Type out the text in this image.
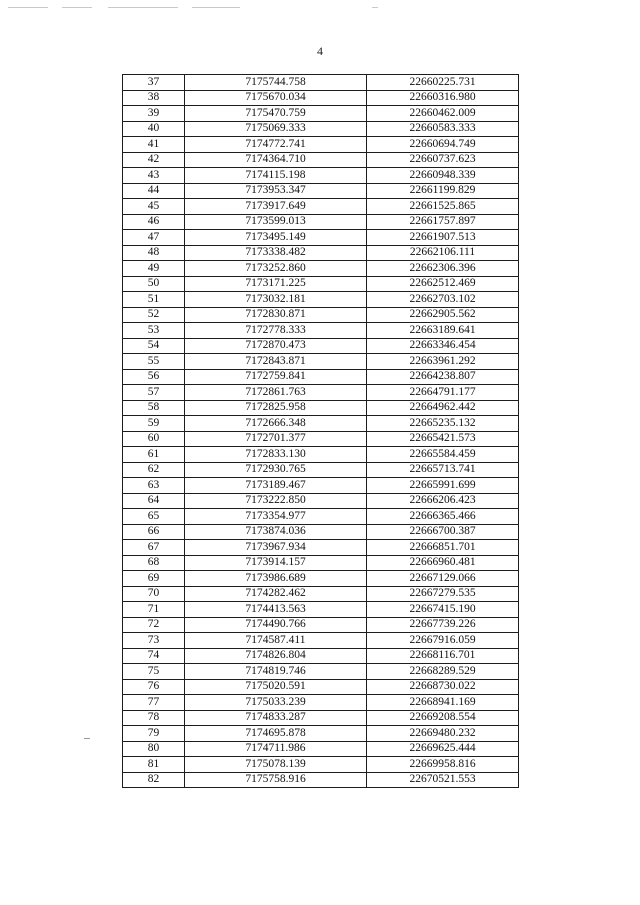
4
37	7175744.758	22660225.731
38	7175670.034	22660316.980
39	7175470.759	22660462.009
40	7175069.333	22660583.333
41	7174772.741	22660694.749
42	7174364.710	22660737.623
43	7174115.198	22660948.339
44	7173953.347	22661199.829
45	7173917.649	22661525.865
46	7173599.013	22661757.897
47	7173495.149	22661907.513
48	7173338.482	22662106.111
49	7173252.860	22662306.396
50	7173171.225	22662512.469
51	7173032.181	22662703.102
52	7172830.871	22662905.562
53	7172778.333	22663189.641
54	7172870.473	22663346.454
55	7172843.871	22663961.292
56	7172759.841	22664238.807
57	7172861.763	22664791.177
58	7172825.958	22664962.442
59	7172666.348	22665235.132
60	7172701.377	22665421.573
61	7172833.130	22665584.459
62	7172930.765	22665713.741
63	7173189.467	22665991.699
64	7173222.850	22666206.423
65	7173354.977	22666365.466
66	7173874.036	22666700.387
67	7173967.934	22666851.701
68	7173914.157	22666960.481
69	7173986.689	22667129.066
70	7174282.462	22667279.535
71	7174413.563	22667415.190
72	7174490.766	22667739.226
73	7174587.411	22667916.059
74	7174826.804	22668116.701
75	7174819.746	22668289.529
76	7175020.591	22668730.022
77	7175033.239	22668941.169
78	7174833.287	22669208.554
79	7174695.878	22669480.232
80	7174711.986	22669625.444
81	7175078.139	22669958.816
82	7175758.916	22670521.553
